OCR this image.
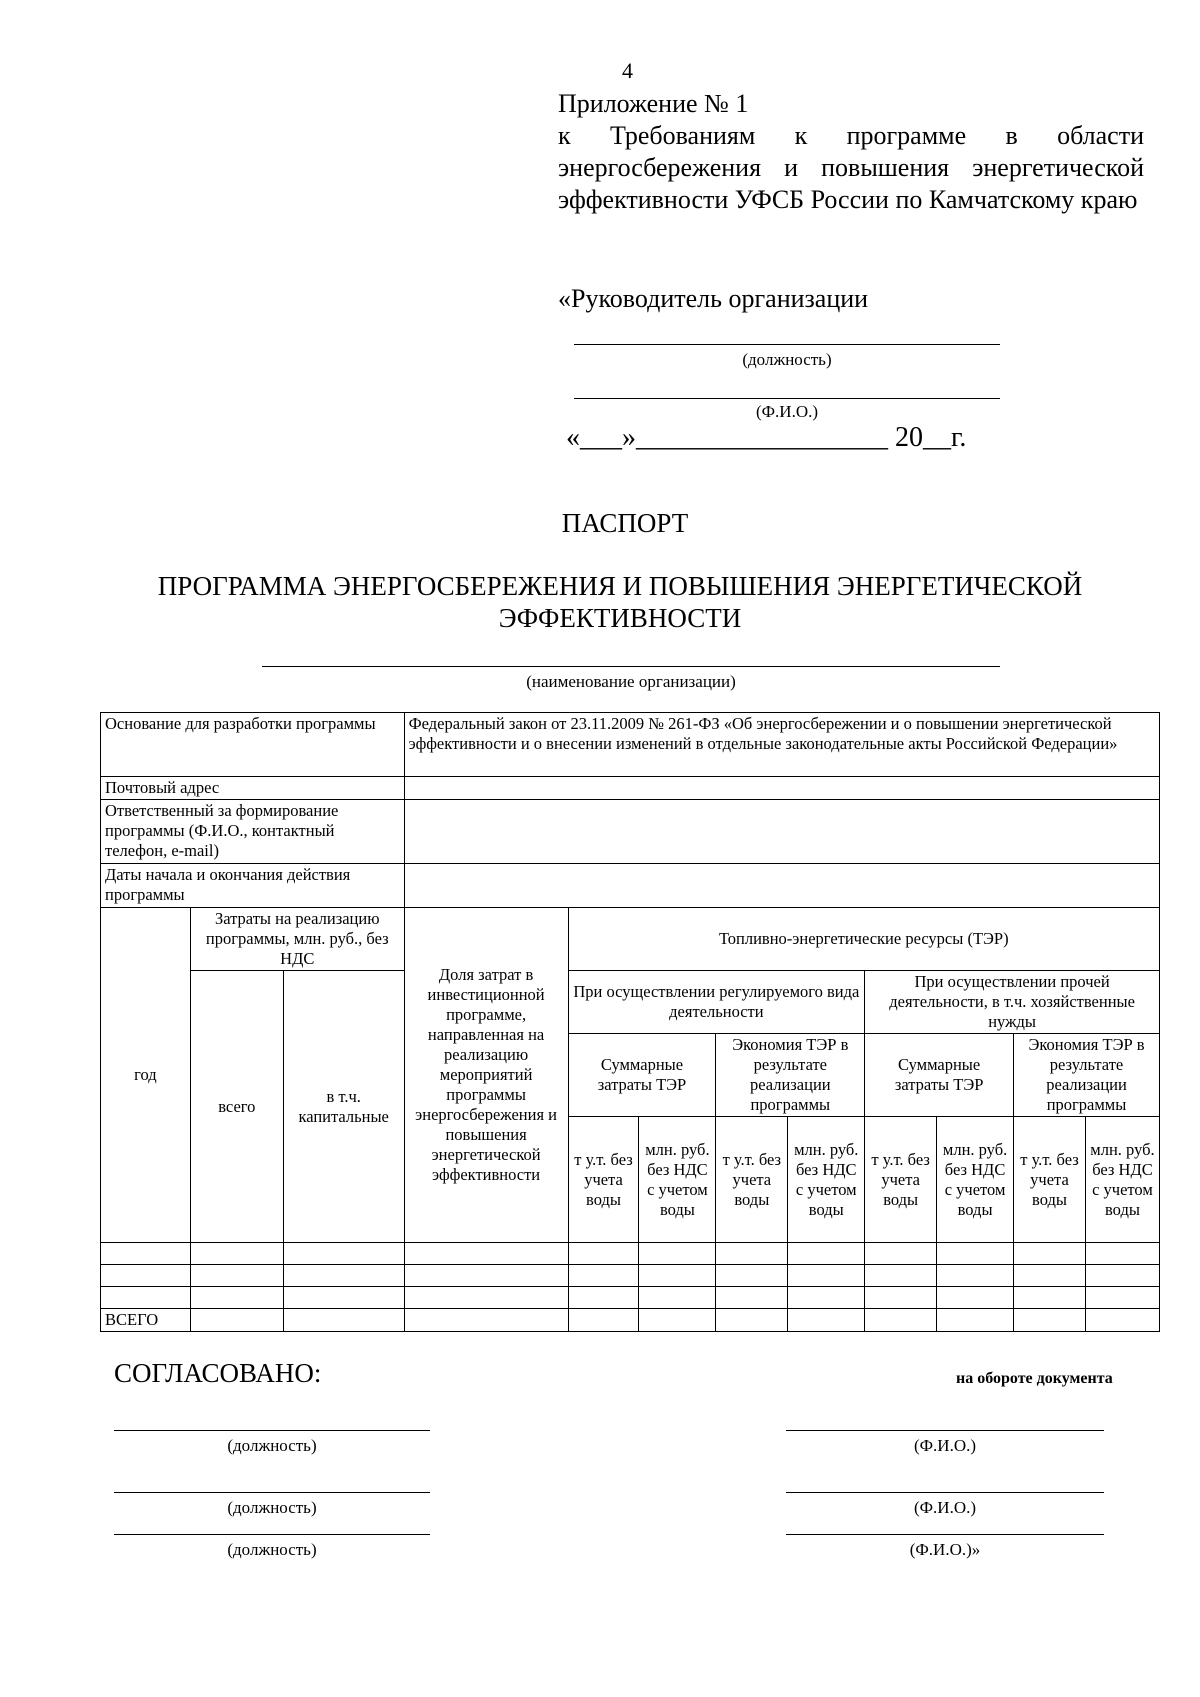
4
Приложение № 1
к Требованиям к программе в области энергосбережения и повышения энергетической эффективности УФСБ России по Камчатскому краю
«Руководитель организации
(должность)
(Ф.И.О.)
«___»__________________ 20__г.
ПАСПОРТ
ПРОГРАММА ЭНЕРГОСБЕРЕЖЕНИЯ И ПОВЫШЕНИЯ ЭНЕРГЕТИЧЕСКОЙ ЭФФЕКТИВНОСТИ
(наименование организации)
Основание для разработки программы			Федеральный закон от 23.11.2009 № 261-ФЗ «Об энергосбережении и о повышении энергетической эффективности и о внесении изменений в отдельные законодательные акты Российской Федерации»								
Почтовый адрес											
Ответственный за формирование программы (Ф.И.О., контактный телефон, e-mail)											
Даты начала и окончания действия программы											
год	Затраты на реализацию программы, млн. руб., без НДС		Доля затрат в инвестиционной программе, направленная на реализацию мероприятий программы энергосбережения и повышения энергетической эффективности	Топливно-энергетические ресурсы (ТЭР)							
	всего	в т.ч. капитальные		При осуществлении регулируемого вида деятельности				При осуществлении прочей деятельности, в т.ч. хозяйственные нужды			
				Суммарные затраты ТЭР		Экономия ТЭР в результате реализации программы		Суммарные затраты ТЭР		Экономия ТЭР в результате реализации программы	
				т у.т. без учета воды	млн. руб. без НДС с учетом воды	т у.т. без учета воды	млн. руб. без НДС с учетом воды	т у.т. без учета воды	млн. руб. без НДС с учетом воды	т у.т. без учета воды	млн. руб. без НДС с учетом воды

ВСЕГО											
СОГЛАСОВАНО:	на обороте документа
(должность)	(Ф.И.О.)
(должность)	(Ф.И.О.)
(должность)	(Ф.И.О.)»
